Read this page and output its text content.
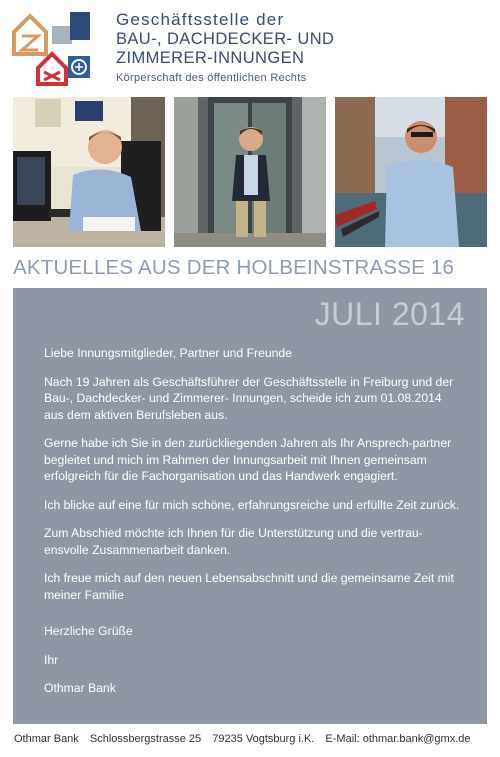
Geschäftsstelle der
BAU-, DACHDECKER- UND
ZIMMERER-INNUNGEN
Körperschaft des öffentlichen Rechts
AKTUELLES AUS DER HOLBEINSTRASSE 16
JULI 2014

Liebe Innungsmitglieder, Partner und Freunde

Nach 19 Jahren als Geschäftsführer der Geschäftsstelle in Freiburg und der Bau-, Dachdecker- und Zimmerer- Innungen, scheide ich zum 01.08.2014 aus dem aktiven Berufsleben aus.

Gerne habe ich Sie in den zurückliegenden Jahren als Ihr Ansprech-partner begleitet und mich im Rahmen der Innungsarbeit mit Ihnen gemeinsam erfolgreich für die Fachorganisation und das Handwerk engagiert.

Ich blicke auf eine für mich schöne, erfahrungsreiche und erfüllte Zeit zurück.

Zum Abschied möchte ich Ihnen für die Unterstützung und die vertrau-ensvolle Zusammenarbeit danken.

Ich freue mich auf den neuen Lebensabschnitt und die gemeinsame Zeit mit meiner Familie

Herzliche Grüße

Ihr

Othmar Bank

Othmar Bank Schlossbergstrasse 25 79235 Vogtsburg i.K. E-Mail: othmar.bank@gmx.de
